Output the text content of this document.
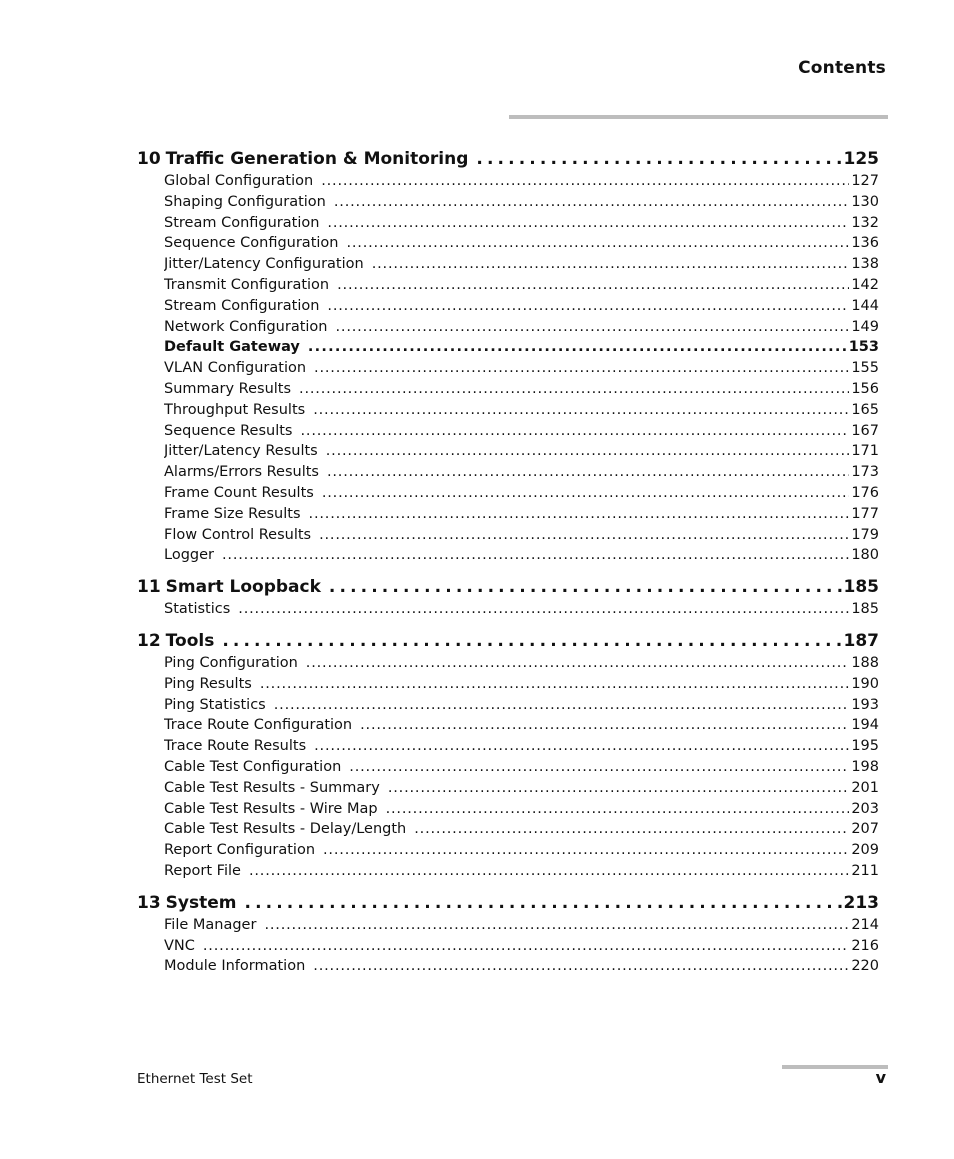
Contents
10 Traffic Generation & Monitoring . . .	125
Global Configuration . . .	127
Shaping Configuration . . .	130
Stream Configuration . . .	132
Sequence Configuration . . .	136
Jitter/Latency Configuration . . .	138
Transmit Configuration . . .	142
Stream Configuration . . .	144
Network Configuration . . .	149
Default Gateway . . .	153
VLAN Configuration . . .	155
Summary Results . . .	156
Throughput Results . . .	165
Sequence Results . . .	167
Jitter/Latency Results . . .	171
Alarms/Errors Results . . .	173
Frame Count Results . . .	176
Frame Size Results . . .	177
Flow Control Results . . .	179
Logger . . .	180
11 Smart Loopback . . .	185
Statistics . . .	185
12 Tools . . .	187
Ping Configuration . . .	188
Ping Results . . .	190
Ping Statistics . . .	193
Trace Route Configuration . . .	194
Trace Route Results . . .	195
Cable Test Configuration . . .	198
Cable Test Results - Summary . . .	201
Cable Test Results - Wire Map . . .	203
Cable Test Results - Delay/Length . . .	207
Report Configuration . . .	209
Report File . . .	211
13 System . . .	213
File Manager . . .	214
VNC . . .	216
Module Information . . .	220
Ethernet Test Set	v
